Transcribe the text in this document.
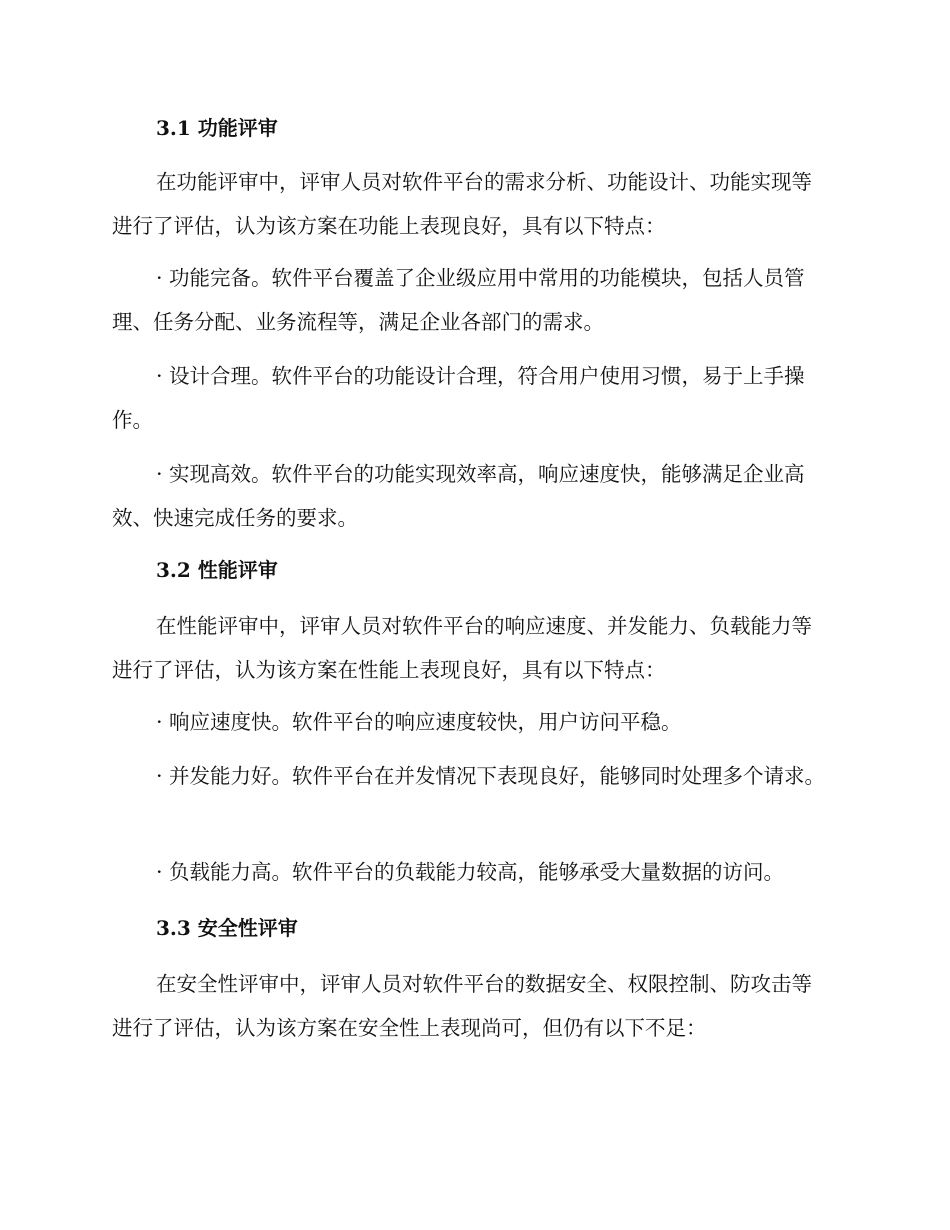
3.1 功能评审

在功能评审中，评审人员对软件平台的需求分析、功能设计、功能实现等进行了评估，认为该方案在功能上表现良好，具有以下特点：

· 功能完备。软件平台覆盖了企业级应用中常用的功能模块，包括人员管理、任务分配、业务流程等，满足企业各部门的需求。

· 设计合理。软件平台的功能设计合理，符合用户使用习惯，易于上手操作。

· 实现高效。软件平台的功能实现效率高，响应速度快，能够满足企业高效、快速完成任务的要求。

3.2 性能评审

在性能评审中，评审人员对软件平台的响应速度、并发能力、负载能力等进行了评估，认为该方案在性能上表现良好，具有以下特点：

· 响应速度快。软件平台的响应速度较快，用户访问平稳。

· 并发能力好。软件平台在并发情况下表现良好，能够同时处理多个请求。

· 负载能力高。软件平台的负载能力较高，能够承受大量数据的访问。

3.3 安全性评审

在安全性评审中，评审人员对软件平台的数据安全、权限控制、防攻击等进行了评估，认为该方案在安全性上表现尚可，但仍有以下不足：
